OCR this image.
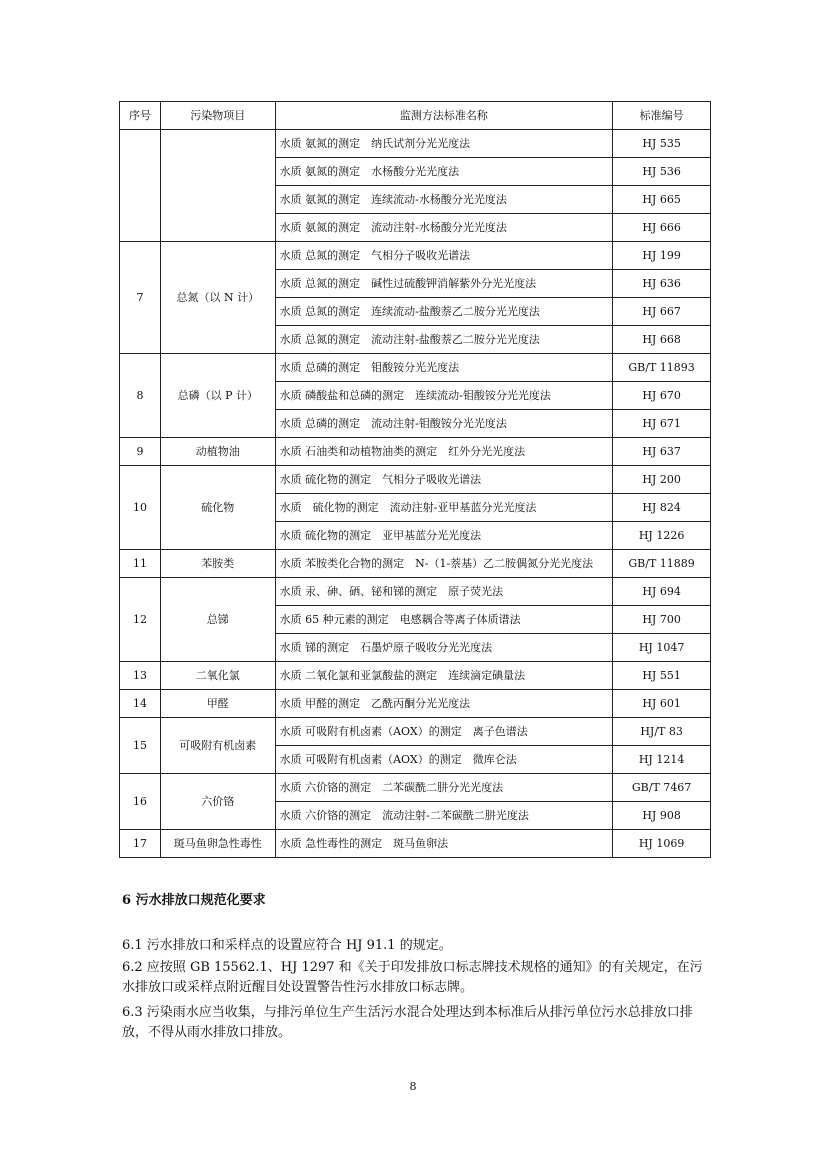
序号	污染物项目	监测方法标准名称	标准编号
		水质 氨氮的测定　纳氏试剂分光光度法	HJ 535
		水质 氨氮的测定　水杨酸分光光度法	HJ 536
		水质 氨氮的测定　连续流动-水杨酸分光光度法	HJ 665
		水质 氨氮的测定　流动注射-水杨酸分光光度法	HJ 666
7	总氮（以 N 计）	水质 总氮的测定　气相分子吸收光谱法	HJ 199
		水质 总氮的测定　碱性过硫酸钾消解紫外分光光度法	HJ 636
		水质 总氮的测定　连续流动-盐酸萘乙二胺分光光度法	HJ 667
		水质 总氮的测定　流动注射-盐酸萘乙二胺分光光度法	HJ 668
8	总磷（以 P 计）	水质 总磷的测定　钼酸铵分光光度法	GB/T 11893
		水质 磷酸盐和总磷的测定　连续流动-钼酸铵分光光度法	HJ 670
		水质 总磷的测定　流动注射-钼酸铵分光光度法	HJ 671
9	动植物油	水质 石油类和动植物油类的测定　红外分光光度法	HJ 637
10	硫化物	水质 硫化物的测定　气相分子吸收光谱法	HJ 200
		水质　硫化物的测定　流动注射-亚甲基蓝分光光度法	HJ 824
		水质 硫化物的测定　亚甲基蓝分光光度法	HJ 1226
11	苯胺类	水质 苯胺类化合物的测定　N-（1-萘基）乙二胺偶氮分光光度法	GB/T 11889
12	总锑	水质 汞、砷、硒、铋和锑的测定　原子荧光法	HJ 694
		水质 65 种元素的测定　电感耦合等离子体质谱法	HJ 700
		水质 锑的测定　石墨炉原子吸收分光光度法	HJ 1047
13	二氧化氯	水质 二氧化氯和亚氯酸盐的测定　连续滴定碘量法	HJ 551
14	甲醛	水质 甲醛的测定　乙酰丙酮分光光度法	HJ 601
15	可吸附有机卤素	水质 可吸附有机卤素（AOX）的测定　离子色谱法	HJ/T 83
		水质 可吸附有机卤素（AOX）的测定　微库仑法	HJ 1214
16	六价铬	水质 六价铬的测定　二苯碳酰二肼分光光度法	GB/T 7467
		水质 六价铬的测定　流动注射-二苯碳酰二肼光度法	HJ 908
17	斑马鱼卵急性毒性	水质 急性毒性的测定　斑马鱼卵法	HJ 1069
6 污水排放口规范化要求
6.1 污水排放口和采样点的设置应符合 HJ 91.1 的规定。
6.2 应按照 GB 15562.1、HJ 1297 和《关于印发排放口标志牌技术规格的通知》的有关规定，在污水排放口或采样点附近醒目处设置警告性污水排放口标志牌。
6.3 污染雨水应当收集，与排污单位生产生活污水混合处理达到本标准后从排污单位污水总排放口排放，不得从雨水排放口排放。
8
